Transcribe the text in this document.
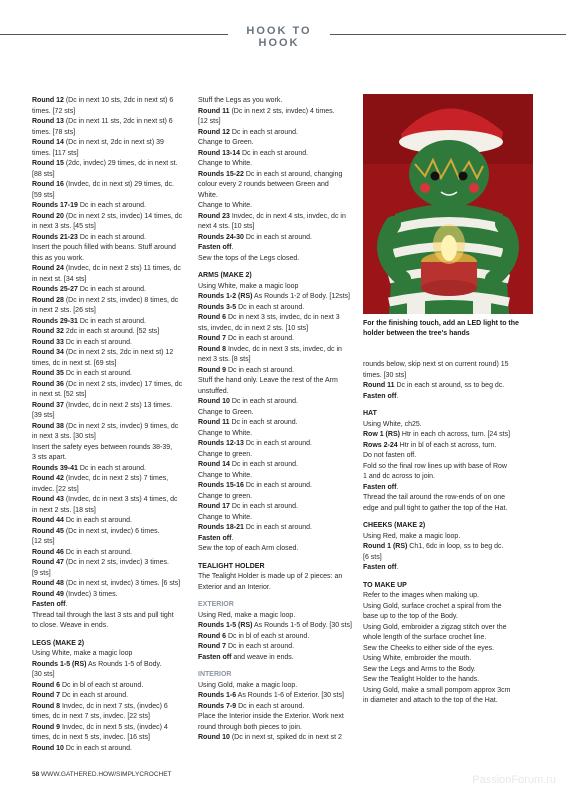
HOOK TO HOOK
Round 12 (Dc in next 10 sts, 2dc in next st) 6
times. [72 sts]
Round 13 (Dc in next 11 sts, 2dc in next st) 6
times. [78 sts]
Round 14 (Dc in next st, 2dc in next st) 39
times. [117 sts]
Round 15 (2dc, invdec) 29 times, dc in next st.
[88 sts]
Round 16 (Invdec, dc in next st) 29 times, dc.
[59 sts]
Rounds 17-19 Dc in each st around.
Round 20 (Dc in next 2 sts, invdec) 14 times, dc
in next 3 sts. [45 sts]
Rounds 21-23 Dc in each st around.
Insert the pouch filled with beans. Stuff around
this as you work.
Round 24 (Invdec, dc in next 2 sts) 11 times, dc
in next st. [34 sts]
Rounds 25-27 Dc in each st around.
Round 28 (Dc in next 2 sts, invdec) 8 times, dc
in next 2 sts. [26 sts]
Rounds 29-31 Dc in each st around.
Round 32 2dc in each st around. [52 sts]
Round 33 Dc in each st around.
Round 34 (Dc in next 2 sts, 2dc in next st) 12
times, dc in next st. [69 sts]
Round 35 Dc in each st around.
Round 36 (Dc in next 2 sts, invdec) 17 times, dc
in next st. [52 sts]
Round 37 (Invdec, dc in next 2 sts) 13 times.
[39 sts]
Round 38 (Dc in next 2 sts, invdec) 9 times, dc
in next 3 sts. [30 sts]
Insert the safety eyes between rounds 38-39,
3 sts apart.
Rounds 39-41 Dc in each st around.
Round 42 (Invdec, dc in next 2 sts) 7 times,
invdec. [22 sts]
Round 43 (Invdec, dc in next 3 sts) 4 times, dc
in next 2 sts. [18 sts]
Round 44 Dc in each st around.
Round 45 (Dc in next st, invdec) 6 times.
[12 sts]
Round 46 Dc in each st around.
Round 47 (Dc in next 2 sts, invdec) 3 times.
[9 sts]
Round 48 (Dc in next st, invdec) 3 times. [6 sts]
Round 49 (Invdec) 3 times.
Fasten off.
Thread tail through the last 3 sts and pull tight
to close. Weave in ends.
LEGS (MAKE 2)
Using White, make a magic loop
Rounds 1-5 (RS) As Rounds 1-5 of Body.
[30 sts]
Round 6 Dc in bl of each st around.
Round 7 Dc in each st around.
Round 8 Invdec, dc in next 7 sts, (invdec) 6
times, dc in next 7 sts, invdec. [22 sts]
Round 9 Invdec, dc in next 5 sts, (invdec) 4
times, dc in next 5 sts, invdec. [16 sts]
Round 10 Dc in each st around.
Stuff the Legs as you work.
Round 11 (Dc in next 2 sts, invdec) 4 times.
[12 sts]
Round 12 Dc in each st around.
Change to Green.
Round 13-14 Dc in each st around.
Change to White.
Rounds 15-22 Dc in each st around, changing
colour every 2 rounds between Green and
White.
Change to White.
Round 23 Invdec, dc in next 4 sts, invdec, dc in
next 4 sts. [10 sts]
Rounds 24-30 Dc in each st around.
Fasten off.
Sew the tops of the Legs closed.
ARMS (MAKE 2)
Using White, make a magic loop
Rounds 1-2 (RS) As Rounds 1-2 of Body. [12sts]
Rounds 3-5 Dc in each st around.
Round 6 Dc in next 3 sts, invdec, dc in next 3
sts, invdec, dc in next 2 sts. [10 sts]
Round 7 Dc in each st around.
Round 8 Invdec, dc in next 3 sts, invdec, dc in
next 3 sts. [8 sts]
Round 9 Dc in each st around.
Stuff the hand only. Leave the rest of the Arm
unstuffed.
Round 10 Dc in each st around.
Change to Green.
Round 11 Dc in each st around.
Change to White.
Rounds 12-13 Dc in each st around.
Change to green.
Round 14 Dc in each st around.
Change to White.
Rounds 15-16 Dc in each st around.
Change to green.
Round 17 Dc in each st around.
Change to White.
Rounds 18-21 Dc in each st around.
Fasten off.
Sew the top of each Arm closed.
TEALIGHT HOLDER
The Tealight Holder is made up of 2 pieces: an
Exterior and an Interior.
EXTERIOR
Using Red, make a magic loop.
Rounds 1-5 (RS) As Rounds 1-5 of Body. [30 sts]
Round 6 Dc in bl of each st around.
Round 7 Dc in each st around.
Fasten off and weave in ends.
INTERIOR
Using Gold, make a magic loop.
Rounds 1-6 As Rounds 1-6 of Exterior. [30 sts]
Rounds 7-9 Dc in each st around.
Place the Interior inside the Exterior. Work next
round through both pieces to join.
Round 10 (Dc in next st, spiked dc in next st 2
For the finishing touch, add an LED light to the holder between the tree's hands
rounds below, skip next st on current round) 15
times. [30 sts]
Round 11 Dc in each st around, ss to beg dc.
Fasten off.
HAT
Using White, ch25.
Row 1 (RS) Htr in each ch across, turn. [24 sts]
Rows 2-24 Htr in bl of each st across, turn.
Do not fasten off.
Fold so the final row lines up with base of Row
1 and dc across to join.
Fasten off.
Thread the tail around the row-ends of on one
edge and pull tight to gather the top of the Hat.
CHEEKS (MAKE 2)
Using Red, make a magic loop.
Round 1 (RS) Ch1, 6dc in loop, ss to beg dc.
[6 sts]
Fasten off.
TO MAKE UP
Refer to the images when making up.
Using Gold, surface crochet a spiral from the
base up to the top of the Body.
Using Gold, embroider a zigzag stitch over the
whole length of the surface crochet line.
Sew the Cheeks to either side of the eyes.
Using White, embroider the mouth.
Sew the Legs and Arms to the Body.
Sew the Tealight Holder to the hands.
Using Gold, make a small pompom approx 3cm
in diameter and attach to the top of the Hat.
58 WWW.GATHERED.HOW/SIMPLYCROCHET	PassionForum.ru
